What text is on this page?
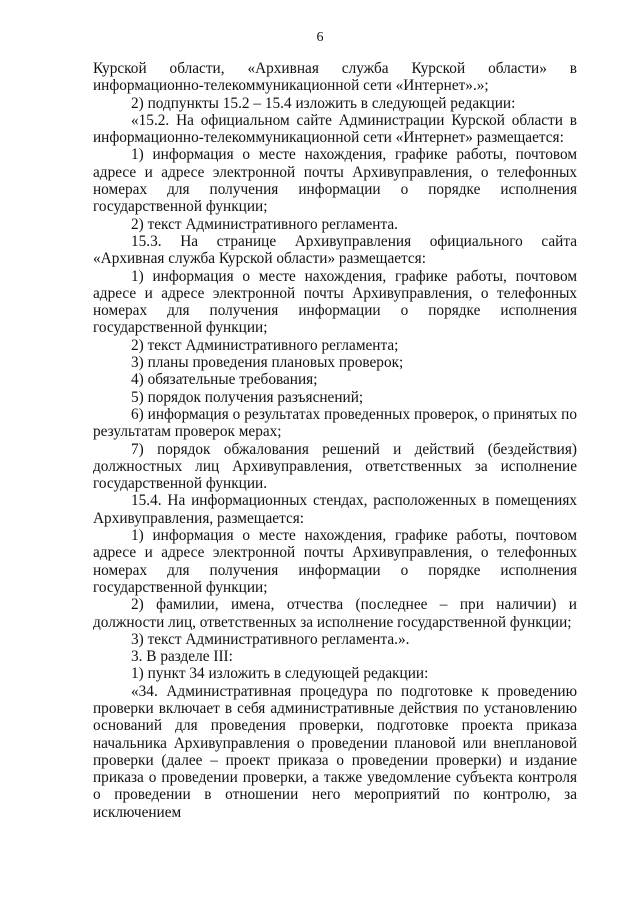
6

Курской области, «Архивная служба Курской области» в информационно-телекоммуникационной сети «Интернет».»;

2) подпункты 15.2 – 15.4 изложить в следующей редакции:

«15.2. На официальном сайте Администрации Курской области в информационно-телекоммуникационной сети «Интернет» размещается:

1) информация о месте нахождения, графике работы, почтовом адресе и адресе электронной почты Архивуправления, о телефонных номерах для получения информации о порядке исполнения государственной функции;

2) текст Административного регламента.

15.3. На странице Архивуправления официального сайта «Архивная служба Курской области» размещается:

1) информация о месте нахождения, графике работы, почтовом адресе и адресе электронной почты Архивуправления, о телефонных номерах для получения информации о порядке исполнения государственной функции;

2) текст Административного регламента;

3) планы проведения плановых проверок;

4) обязательные требования;

5) порядок получения разъяснений;

6) информация о результатах проведенных проверок, о принятых по результатам проверок мерах;

7) порядок обжалования решений и действий (бездействия) должностных лиц Архивуправления, ответственных за исполнение государственной функции.

15.4. На информационных стендах, расположенных в помещениях Архивуправления, размещается:

1) информация о месте нахождения, графике работы, почтовом адресе и адресе электронной почты Архивуправления, о телефонных номерах для получения информации о порядке исполнения государственной функции;

2) фамилии, имена, отчества (последнее – при наличии) и должности лиц, ответственных за исполнение государственной функции;

3) текст Административного регламента.».

3. В разделе III:

1) пункт 34 изложить в следующей редакции:

«34. Административная процедура по подготовке к проведению проверки включает в себя административные действия по установлению оснований для проведения проверки, подготовке проекта приказа начальника Архивуправления о проведении плановой или внеплановой проверки (далее – проект приказа о проведении проверки) и издание приказа о проведении проверки, а также уведомление субъекта контроля о проведении в отношении него мероприятий по контролю, за исключением
